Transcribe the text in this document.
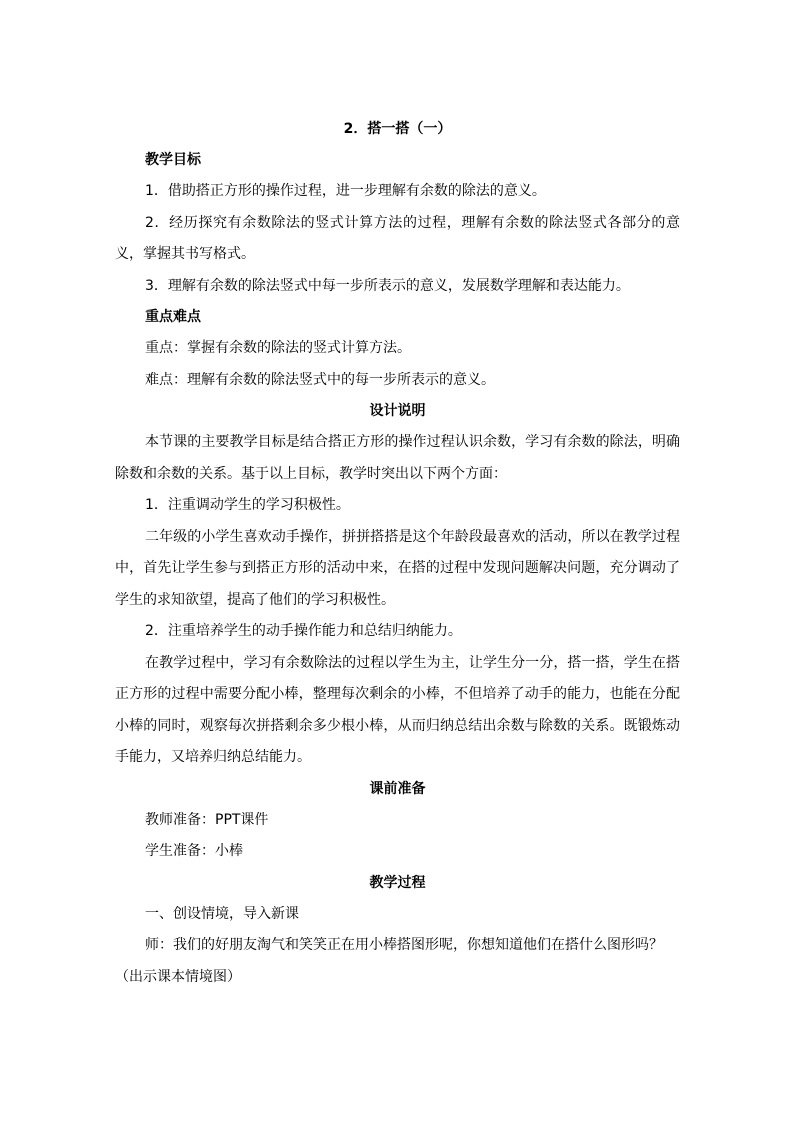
2．搭一搭（一）
教学目标

1．借助搭正方形的操作过程，进一步理解有余数的除法的意义。

2．经历探究有余数除法的竖式计算方法的过程，理解有余数的除法竖式各部分的意义，掌握其书写格式。

3．理解有余数的除法竖式中每一步所表示的意义，发展数学理解和表达能力。

重点难点

重点：掌握有余数的除法的竖式计算方法。

难点：理解有余数的除法竖式中的每一步所表示的意义。

设计说明

本节课的主要教学目标是结合搭正方形的操作过程认识余数，学习有余数的除法，明确除数和余数的关系。基于以上目标，教学时突出以下两个方面：

1．注重调动学生的学习积极性。

二年级的小学生喜欢动手操作，拼拼搭搭是这个年龄段最喜欢的活动，所以在教学过程中，首先让学生参与到搭正方形的活动中来，在搭的过程中发现问题解决问题，充分调动了学生的求知欲望，提高了他们的学习积极性。

2．注重培养学生的动手操作能力和总结归纳能力。

在教学过程中，学习有余数除法的过程以学生为主，让学生分一分，搭一搭，学生在搭正方形的过程中需要分配小棒，整理每次剩余的小棒，不但培养了动手的能力，也能在分配小棒的同时，观察每次拼搭剩余多少根小棒，从而归纳总结出余数与除数的关系。既锻炼动手能力，又培养归纳总结能力。

课前准备

教师准备：PPT课件

学生准备：小棒

教学过程

一、创设情境，导入新课

师：我们的好朋友淘气和笑笑正在用小棒搭图形呢，你想知道他们在搭什么图形吗？

（出示课本情境图）
